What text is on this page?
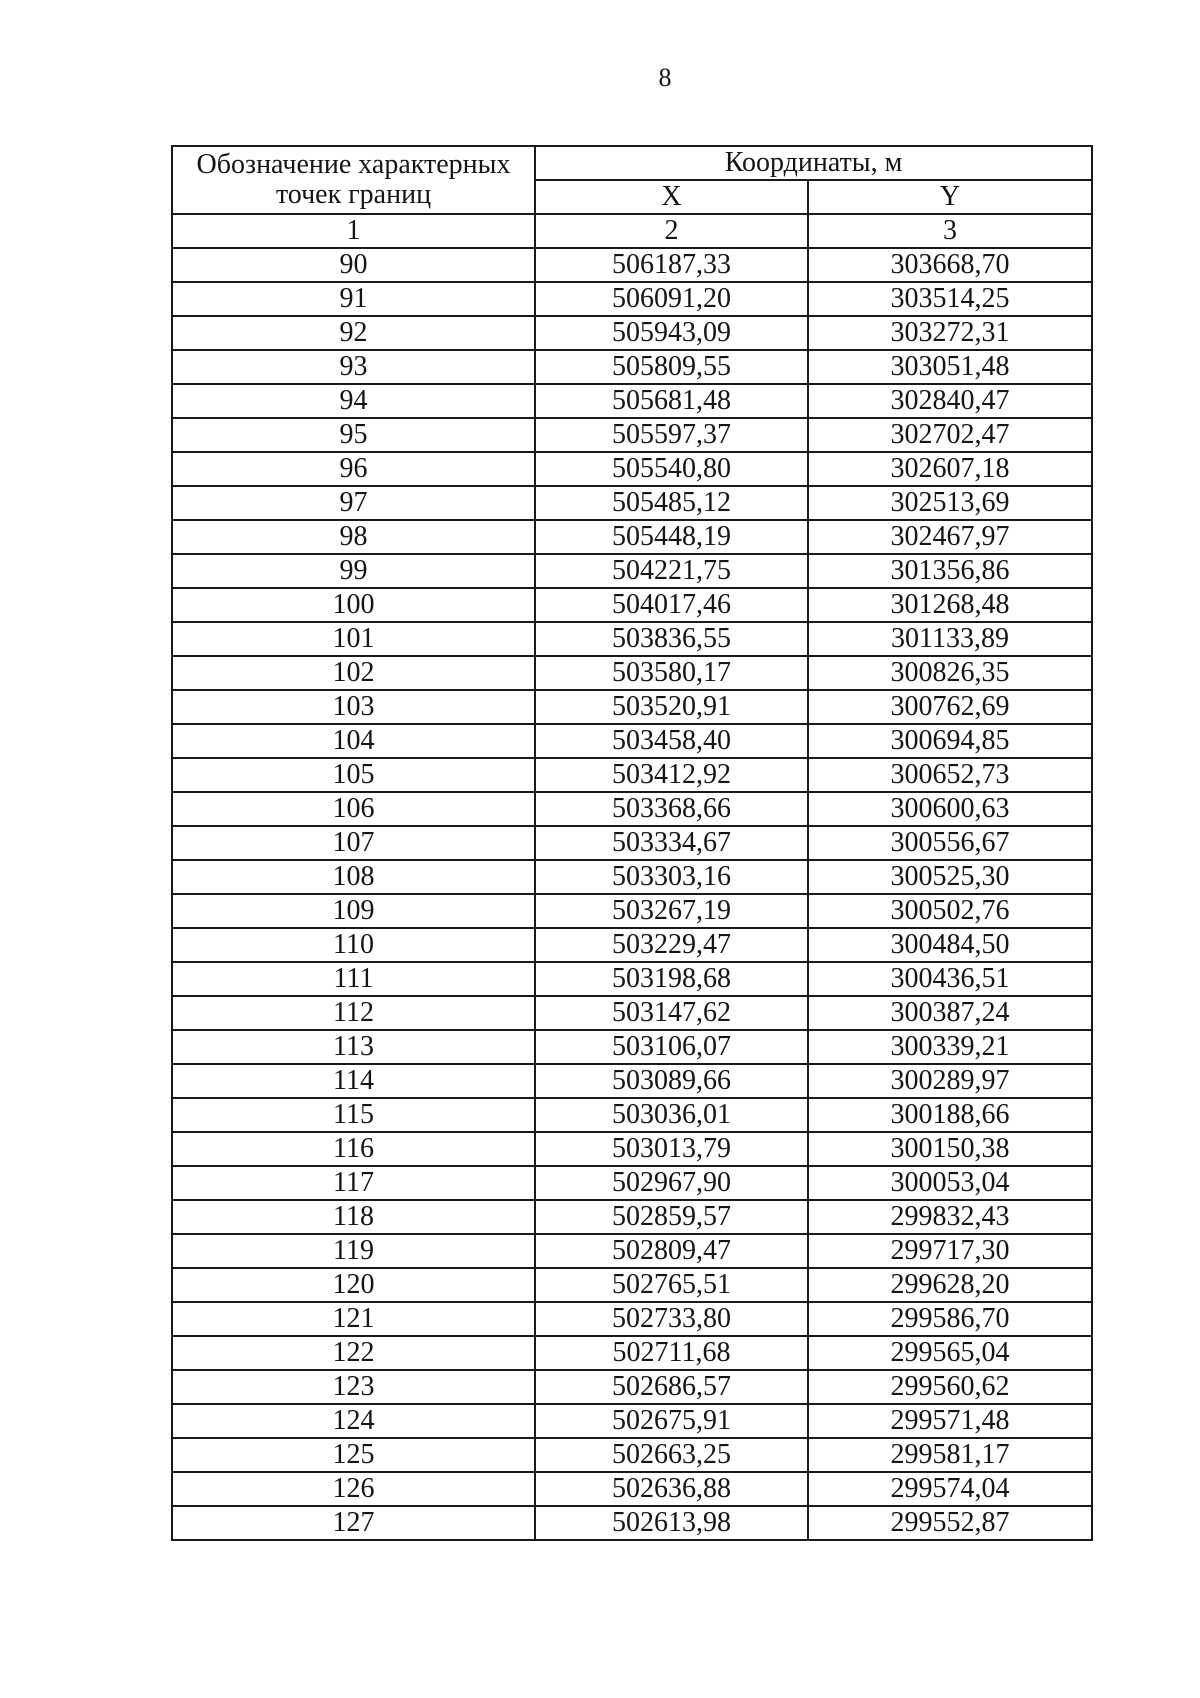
8
Обозначение характерных точек границ	Координаты, м	
	X	Y
1	2	3
90	506187,33	303668,70
91	506091,20	303514,25
92	505943,09	303272,31
93	505809,55	303051,48
94	505681,48	302840,47
95	505597,37	302702,47
96	505540,80	302607,18
97	505485,12	302513,69
98	505448,19	302467,97
99	504221,75	301356,86
100	504017,46	301268,48
101	503836,55	301133,89
102	503580,17	300826,35
103	503520,91	300762,69
104	503458,40	300694,85
105	503412,92	300652,73
106	503368,66	300600,63
107	503334,67	300556,67
108	503303,16	300525,30
109	503267,19	300502,76
110	503229,47	300484,50
111	503198,68	300436,51
112	503147,62	300387,24
113	503106,07	300339,21
114	503089,66	300289,97
115	503036,01	300188,66
116	503013,79	300150,38
117	502967,90	300053,04
118	502859,57	299832,43
119	502809,47	299717,30
120	502765,51	299628,20
121	502733,80	299586,70
122	502711,68	299565,04
123	502686,57	299560,62
124	502675,91	299571,48
125	502663,25	299581,17
126	502636,88	299574,04
127	502613,98	299552,87
